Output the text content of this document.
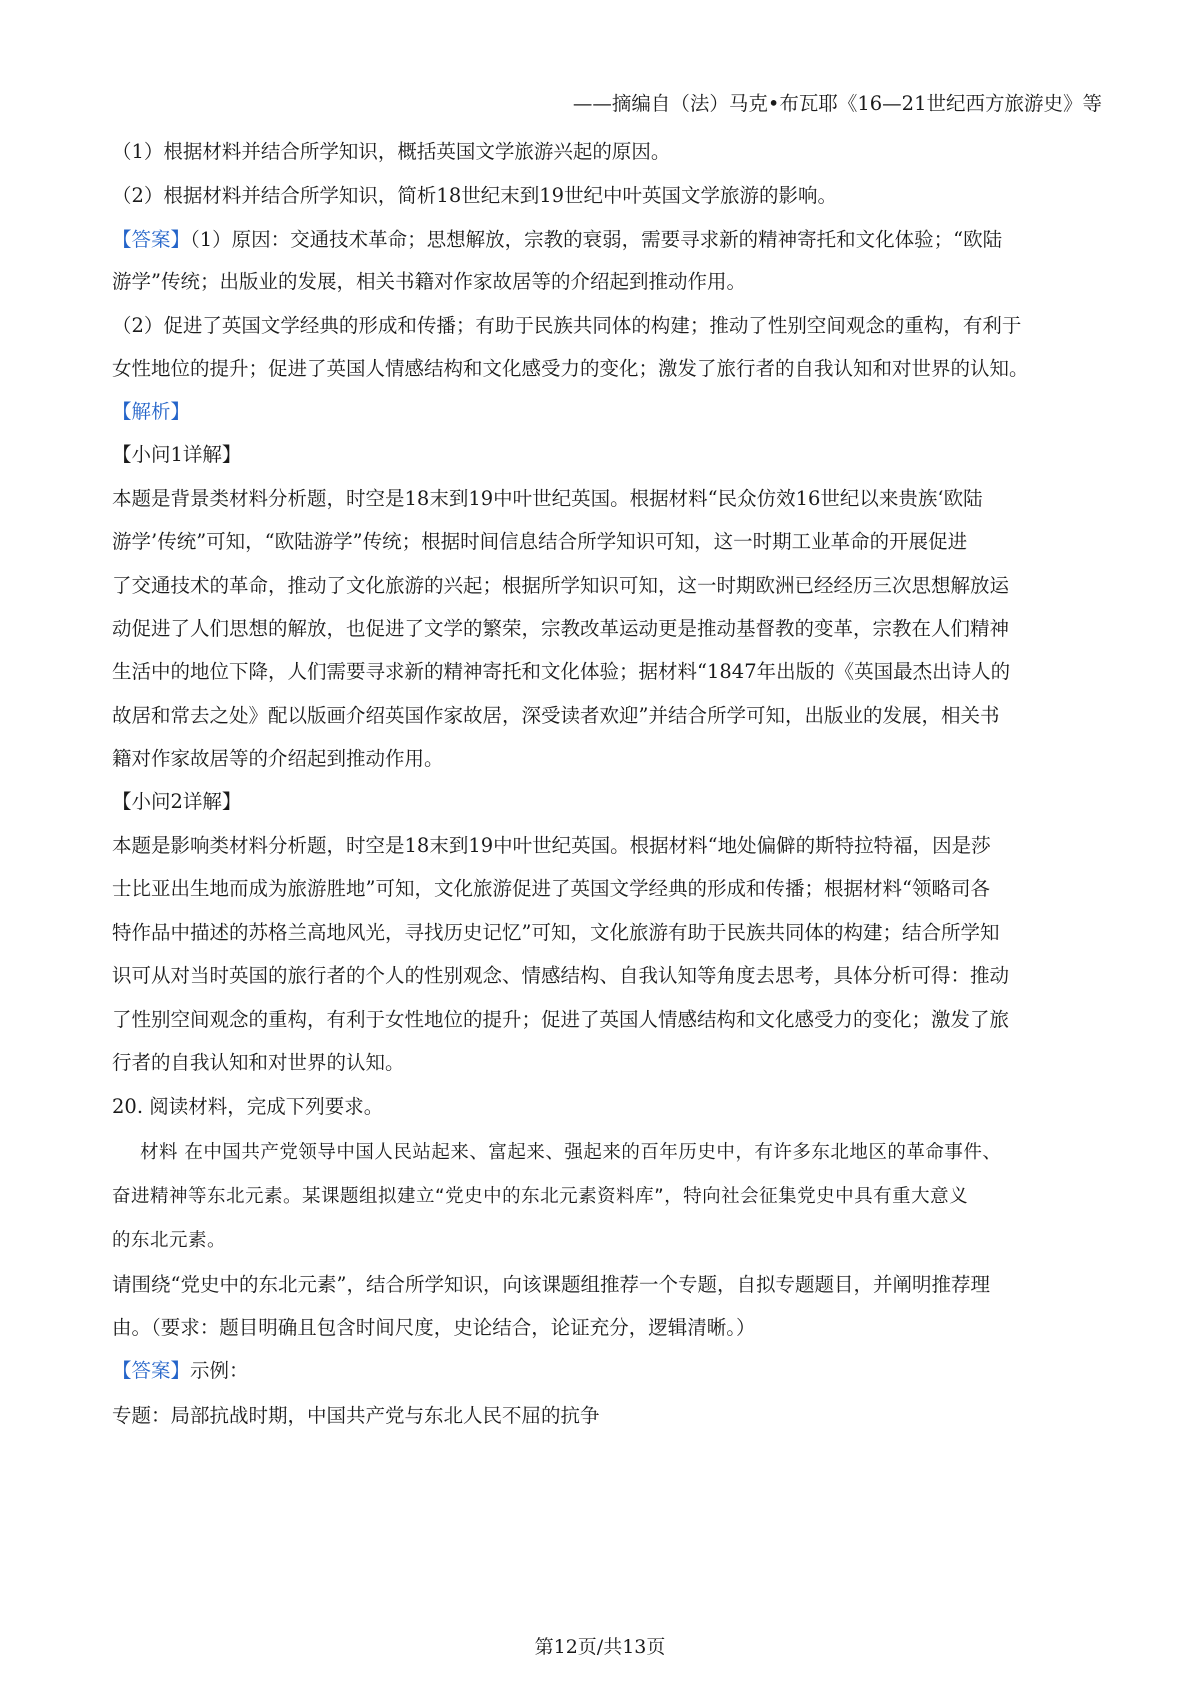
——摘编自（法）马克•布瓦耶《16—21世纪西方旅游史》等
（1）根据材料并结合所学知识，概括英国文学旅游兴起的原因。
（2）根据材料并结合所学知识，简析18世纪末到19世纪中叶英国文学旅游的影响。
【答案】（1）原因：交通技术革命；思想解放，宗教的衰弱，需要寻求新的精神寄托和文化体验；“欧陆
游学”传统；出版业的发展，相关书籍对作家故居等的介绍起到推动作用。
（2）促进了英国文学经典的形成和传播；有助于民族共同体的构建；推动了性别空间观念的重构，有利于
女性地位的提升；促进了英国人情感结构和文化感受力的变化；激发了旅行者的自我认知和对世界的认知。
【解析】
【小问1详解】
本题是背景类材料分析题，时空是18末到19中叶世纪英国。根据材料“民众仿效16世纪以来贵族‘欧陆
游学’传统”可知，“欧陆游学”传统；根据时间信息结合所学知识可知，这一时期工业革命的开展促进
了交通技术的革命，推动了文化旅游的兴起；根据所学知识可知，这一时期欧洲已经经历三次思想解放运
动促进了人们思想的解放，也促进了文学的繁荣，宗教改革运动更是推动基督教的变革，宗教在人们精神
生活中的地位下降，人们需要寻求新的精神寄托和文化体验；据材料“1847年出版的《英国最杰出诗人的
故居和常去之处》配以版画介绍英国作家故居，深受读者欢迎”并结合所学可知，出版业的发展，相关书
籍对作家故居等的介绍起到推动作用。
【小问2详解】
本题是影响类材料分析题，时空是18末到19中叶世纪英国。根据材料“地处偏僻的斯特拉特福，因是莎
士比亚出生地而成为旅游胜地”可知，文化旅游促进了英国文学经典的形成和传播；根据材料“领略司各
特作品中描述的苏格兰高地风光，寻找历史记忆”可知，文化旅游有助于民族共同体的构建；结合所学知
识可从对当时英国的旅行者的个人的性别观念、情感结构、自我认知等角度去思考，具体分析可得：推动
了性别空间观念的重构，有利于女性地位的提升；促进了英国人情感结构和文化感受力的变化；激发了旅
行者的自我认知和对世界的认知。
20. 阅读材料，完成下列要求。
材料 在中国共产党领导中国人民站起来、富起来、强起来的百年历史中，有许多东北地区的革命事件、
奋进精神等东北元素。某课题组拟建立“党史中的东北元素资料库”，特向社会征集党史中具有重大意义
的东北元素。
请围绕“党史中的东北元素”，结合所学知识，向该课题组推荐一个专题，自拟专题题目，并阐明推荐理
由。（要求：题目明确且包含时间尺度，史论结合，论证充分，逻辑清晰。）
【答案】示例：
专题：局部抗战时期，中国共产党与东北人民不屈的抗争
第12页/共13页
